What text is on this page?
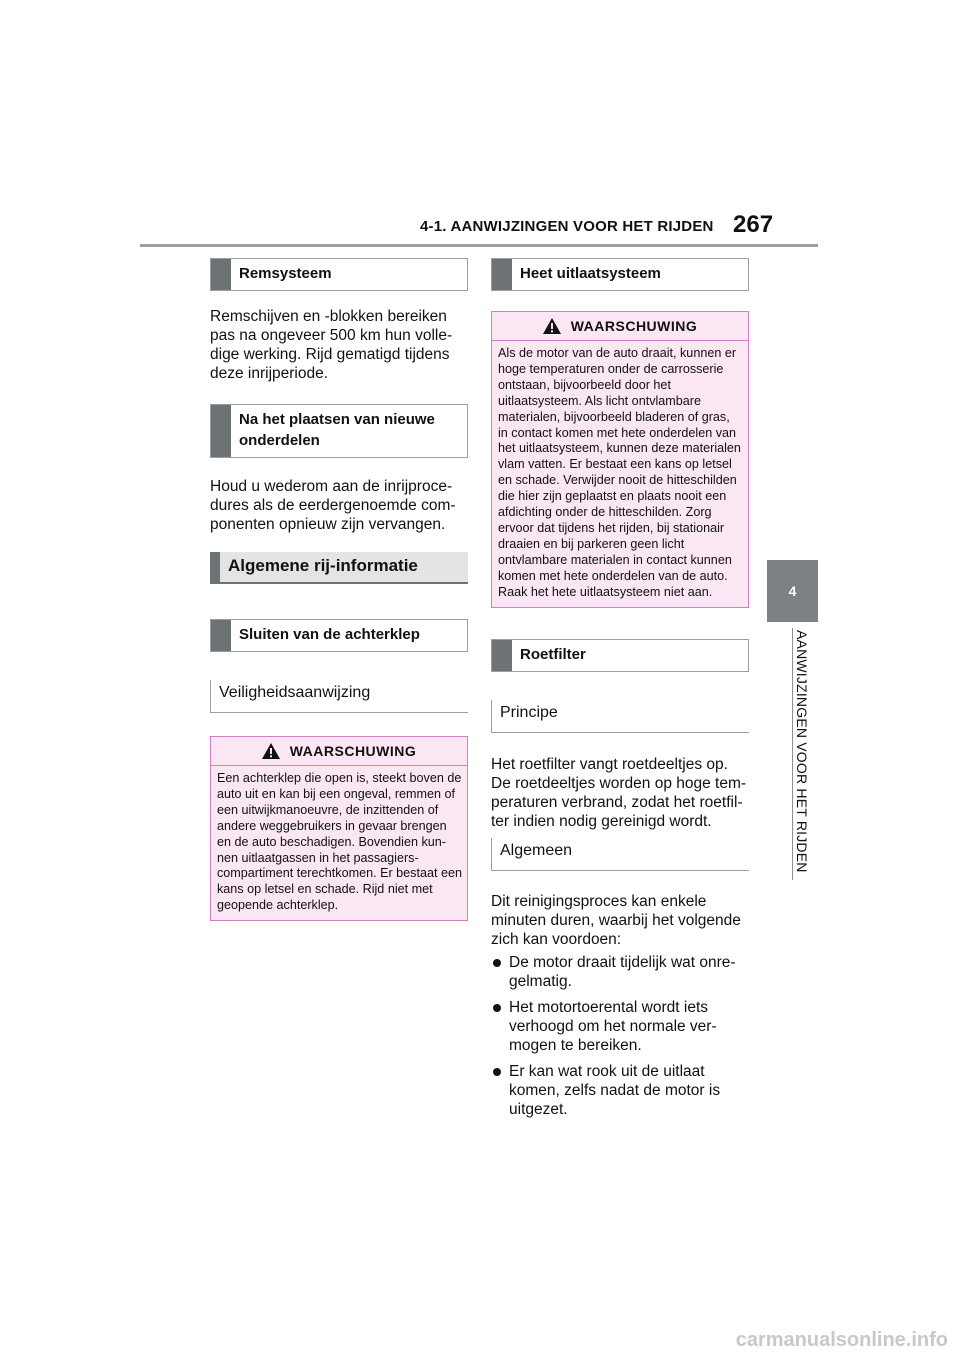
4-1. AANWIJZINGEN VOOR HET RIJDEN 267
4
AANWIJZINGEN VOOR HET RIJDEN
Remsysteem
Remschijven en -blokken bereiken pas na ongeveer 500 km hun volledige werking. Rijd gematigd tijdens deze inrijperiode.
Na het plaatsen van nieuwe onderdelen
Houd u wederom aan de inrijprocedures als de eerdergenoemde componenten opnieuw zijn vervangen.
Algemene rij-informatie
Sluiten van de achterklep
Veiligheidsaanwijzing
WAARSCHUWING
Een achterklep die open is, steekt boven de auto uit en kan bij een ongeval, remmen of een uitwijkmanoeuvre, de inzittenden of andere weggebruikers in gevaar brengen en de auto beschadigen. Bovendien kunnen uitlaatgassen in het passagierscompartiment terechtkomen. Er bestaat een kans op letsel en schade. Rijd niet met geopende achterklep.
Heet uitlaatsysteem
WAARSCHUWING
Als de motor van de auto draait, kunnen er hoge temperaturen onder de carrosserie ontstaan, bijvoorbeeld door het uitlaatsysteem. Als licht ontvlambare materialen, bijvoorbeeld bladeren of gras, in contact komen met hete onderdelen van het uitlaatsysteem, kunnen deze materialen vlam vatten. Er bestaat een kans op letsel en schade. Verwijder nooit de hitteschilden die hier zijn geplaatst en plaats nooit een afdichting onder de hitteschilden. Zorg ervoor dat tijdens het rijden, bij stationair draaien en bij parkeren geen licht ontvlambare materialen in contact kunnen komen met hete onderdelen van de auto. Raak het hete uitlaatsysteem niet aan.
Roetfilter
Principe
Het roetfilter vangt roetdeeltjes op. De roetdeeltjes worden op hoge temperaturen verbrand, zodat het roetfilter indien nodig gereinigd wordt.
Algemeen
Dit reinigingsproces kan enkele minuten duren, waarbij het volgende zich kan voordoen:
De motor draait tijdelijk wat onregelmatig.
Het motortoerental wordt iets verhoogd om het normale vermogen te bereiken.
Er kan wat rook uit de uitlaat komen, zelfs nadat de motor is uitgezet.
carmanualsonline.info
